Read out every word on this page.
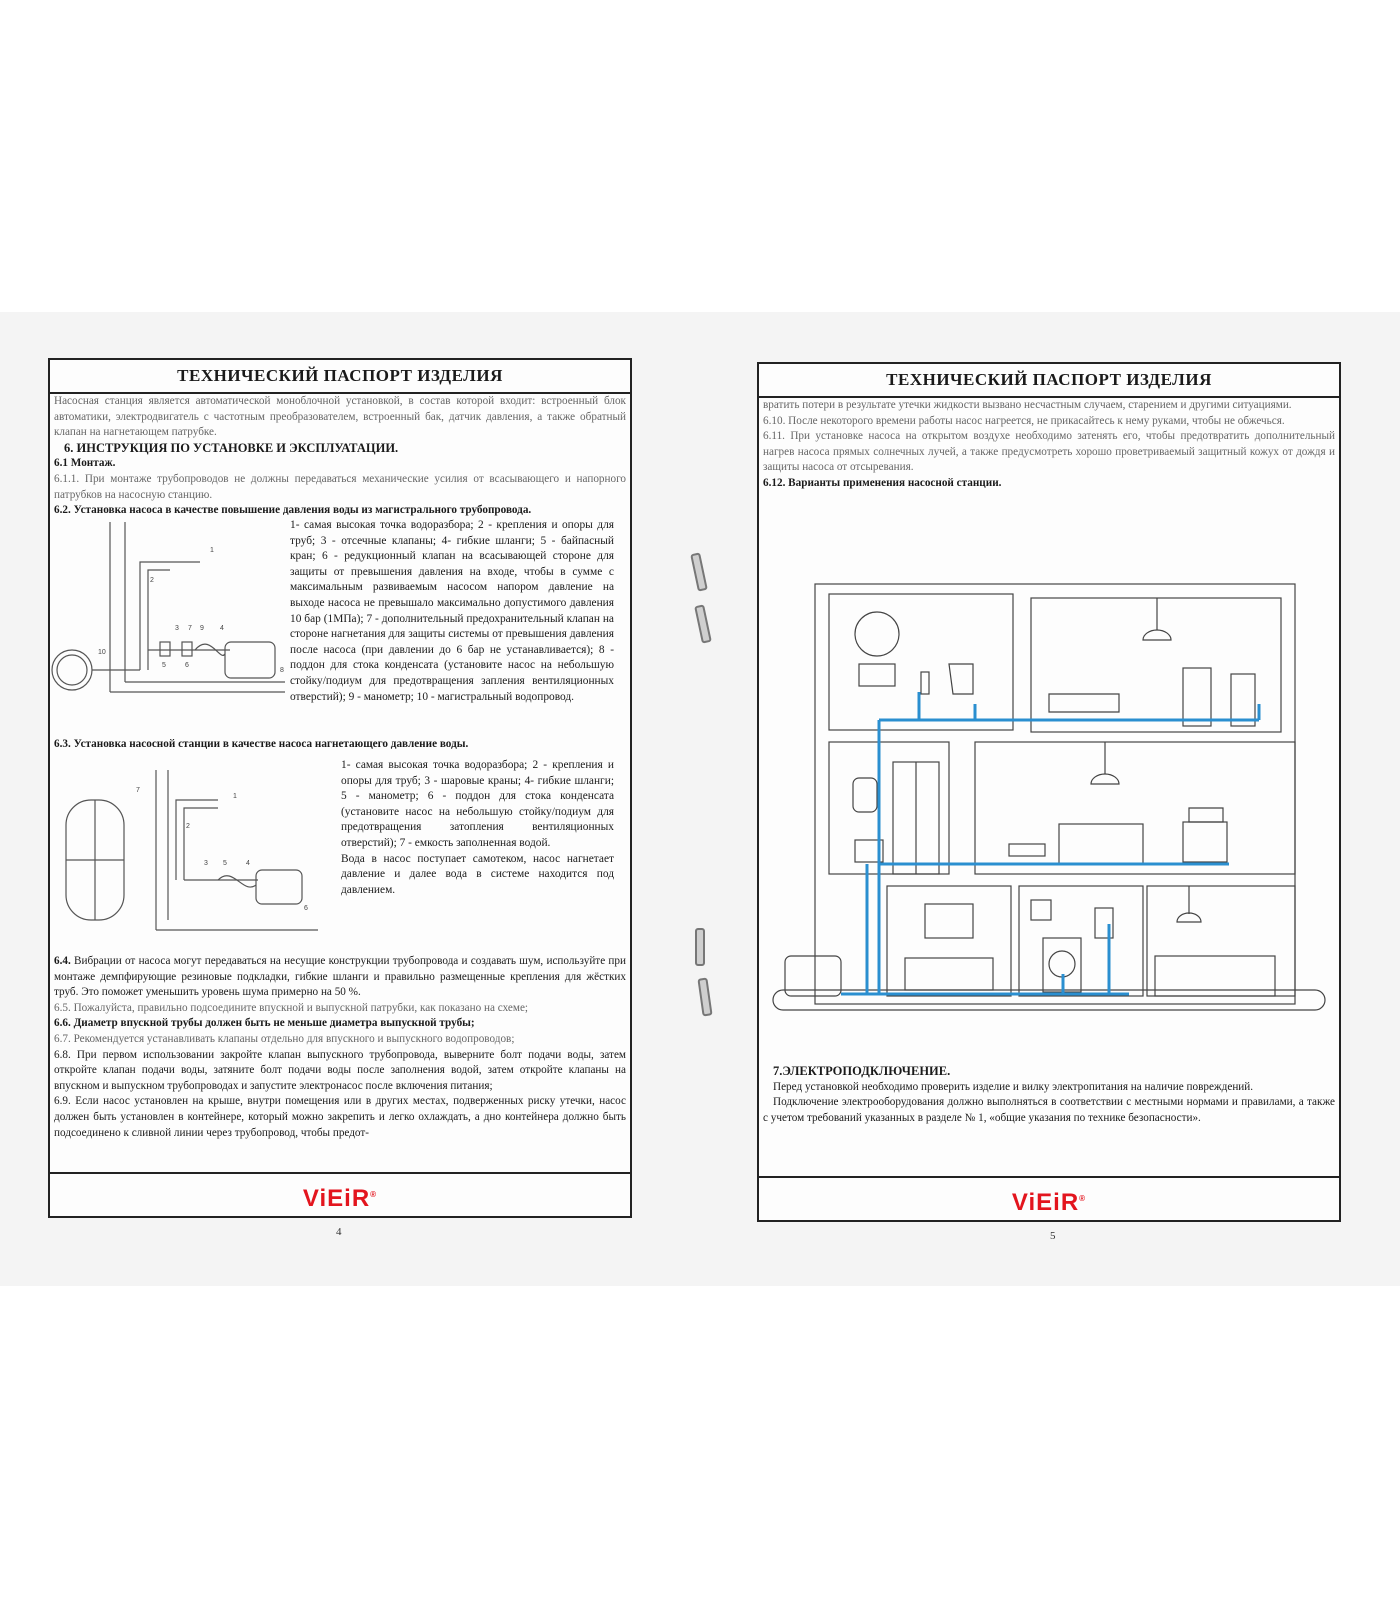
ТЕХНИЧЕСКИЙ ПАСПОРТ ИЗДЕЛИЯ

Насосная станция является автоматической моноблочной установкой, в состав которой входит: встроенный блок автоматики, электродвигатель с частотным преобразователем, встроенный бак, датчик давления, а также обратный клапан на нагнетающем патрубке.

6. ИНСТРУКЦИЯ ПО УСТАНОВКЕ И ЭКСПЛУАТАЦИИ.

6.1 Монтаж.

6.1.1. При монтаже трубопроводов не должны передаваться механические усилия от всасывающего и напорного патрубков на насосную станцию.

6.2. Установка насоса в качестве повышение давления воды из магистрального трубопровода.

1
2
3 7 9 4
5	6
8
10
1- самая высокая точка водоразбора; 2 - крепления и опоры для труб; 3 - отсечные клапаны; 4- гибкие шланги; 5 - байпасный кран; 6 - редукционный клапан на всасывающей стороне для защиты от превышения давления на входе, чтобы в сумме с максимальным развиваемым насосом напором давление на выходе насоса не превышало максимально допустимого давления 10 бар (1МПа); 7 - дополнительный предохранительный клапан на стороне нагнетания для защиты системы от превышения давления после насоса (при давлении до 6 бар не устанавливается); 8 - поддон для стока конденсата (установите насос на небольшую стойку/подиум для предотвращения запления вентиляционных отверстий); 9 - манометр; 10 - магистральный водопровод.

6.3. Установка насосной станции в качестве насоса нагнетающего давление воды.

7
1
2
3 5	4
6
1- самая высокая точка водоразбора; 2 - крепления и опоры для труб; 3 - шаровые краны; 4- гибкие шланги; 5 - манометр; 6 - поддон для стока конденсата (установите насос на небольшую стойку/подиум для предотвращения затопления вентиляционных отверстий); 7 - емкость заполненная водой.
Вода в насос поступает самотеком, насос нагнетает давление и далее вода в системе находится под давлением.

6.4. Вибрации от насоса могут передаваться на несущие конструкции трубопровода и создавать шум, используйте при монтаже демпфирующие резиновые подкладки, гибкие шланги и правильно размещенные крепления для жёстких труб. Это поможет уменьшить уровень шума примерно на 50 %.

6.5. Пожалуйста, правильно подсоедините впускной и выпускной патрубки, как показано на схеме;

6.6. Диаметр впускной трубы должен быть не меньше диаметра выпускной трубы;

6.7. Рекомендуется устанавливать клапаны отдельно для впускного и выпускного водопроводов;

6.8. При первом использовании закройте клапан выпускного трубопровода, выверните болт подачи воды, затем откройте клапан подачи воды, затяните болт подачи воды после заполнения водой, затем откройте клапаны на впускном и выпускном трубопроводах и запустите электронасос после включения питания;

6.9. Если насос установлен на крыше, внутри помещения или в других местах, подверженных риску утечки, насос должен быть установлен в контейнере, который можно закрепить и легко охлаждать, а дно контейнера должно быть подсоединено к сливной линии через трубопровод, чтобы предот-

ViEiR®
4
ТЕХНИЧЕСКИЙ ПАСПОРТ ИЗДЕЛИЯ

вратить потери в результате утечки жидкости вызвано несчастным случаем, старением и другими ситуациями.

6.10. После некоторого времени работы насос нагреется, не прикасайтесь к нему руками, чтобы не обжечься.

6.11. При установке насоса на открытом воздухе необходимо затенять его, чтобы предотвратить дополнительный нагрев насоса прямых солнечных лучей, а также предусмотреть хорошо проветриваемый защитный кожух от дождя и защиты насоса от отсыревания.

6.12. Варианты применения насосной станции.

7.ЭЛЕКТРОПОДКЛЮЧЕНИЕ.

Перед установкой необходимо проверить изделие и вилку электропитания на наличие повреждений.

Подключение электрооборудования должно выполняться в соответствии с местными нормами и правилами, а также с учетом требований указанных в разделе № 1, «общие указания по технике безопасности».

ViEiR®
5
